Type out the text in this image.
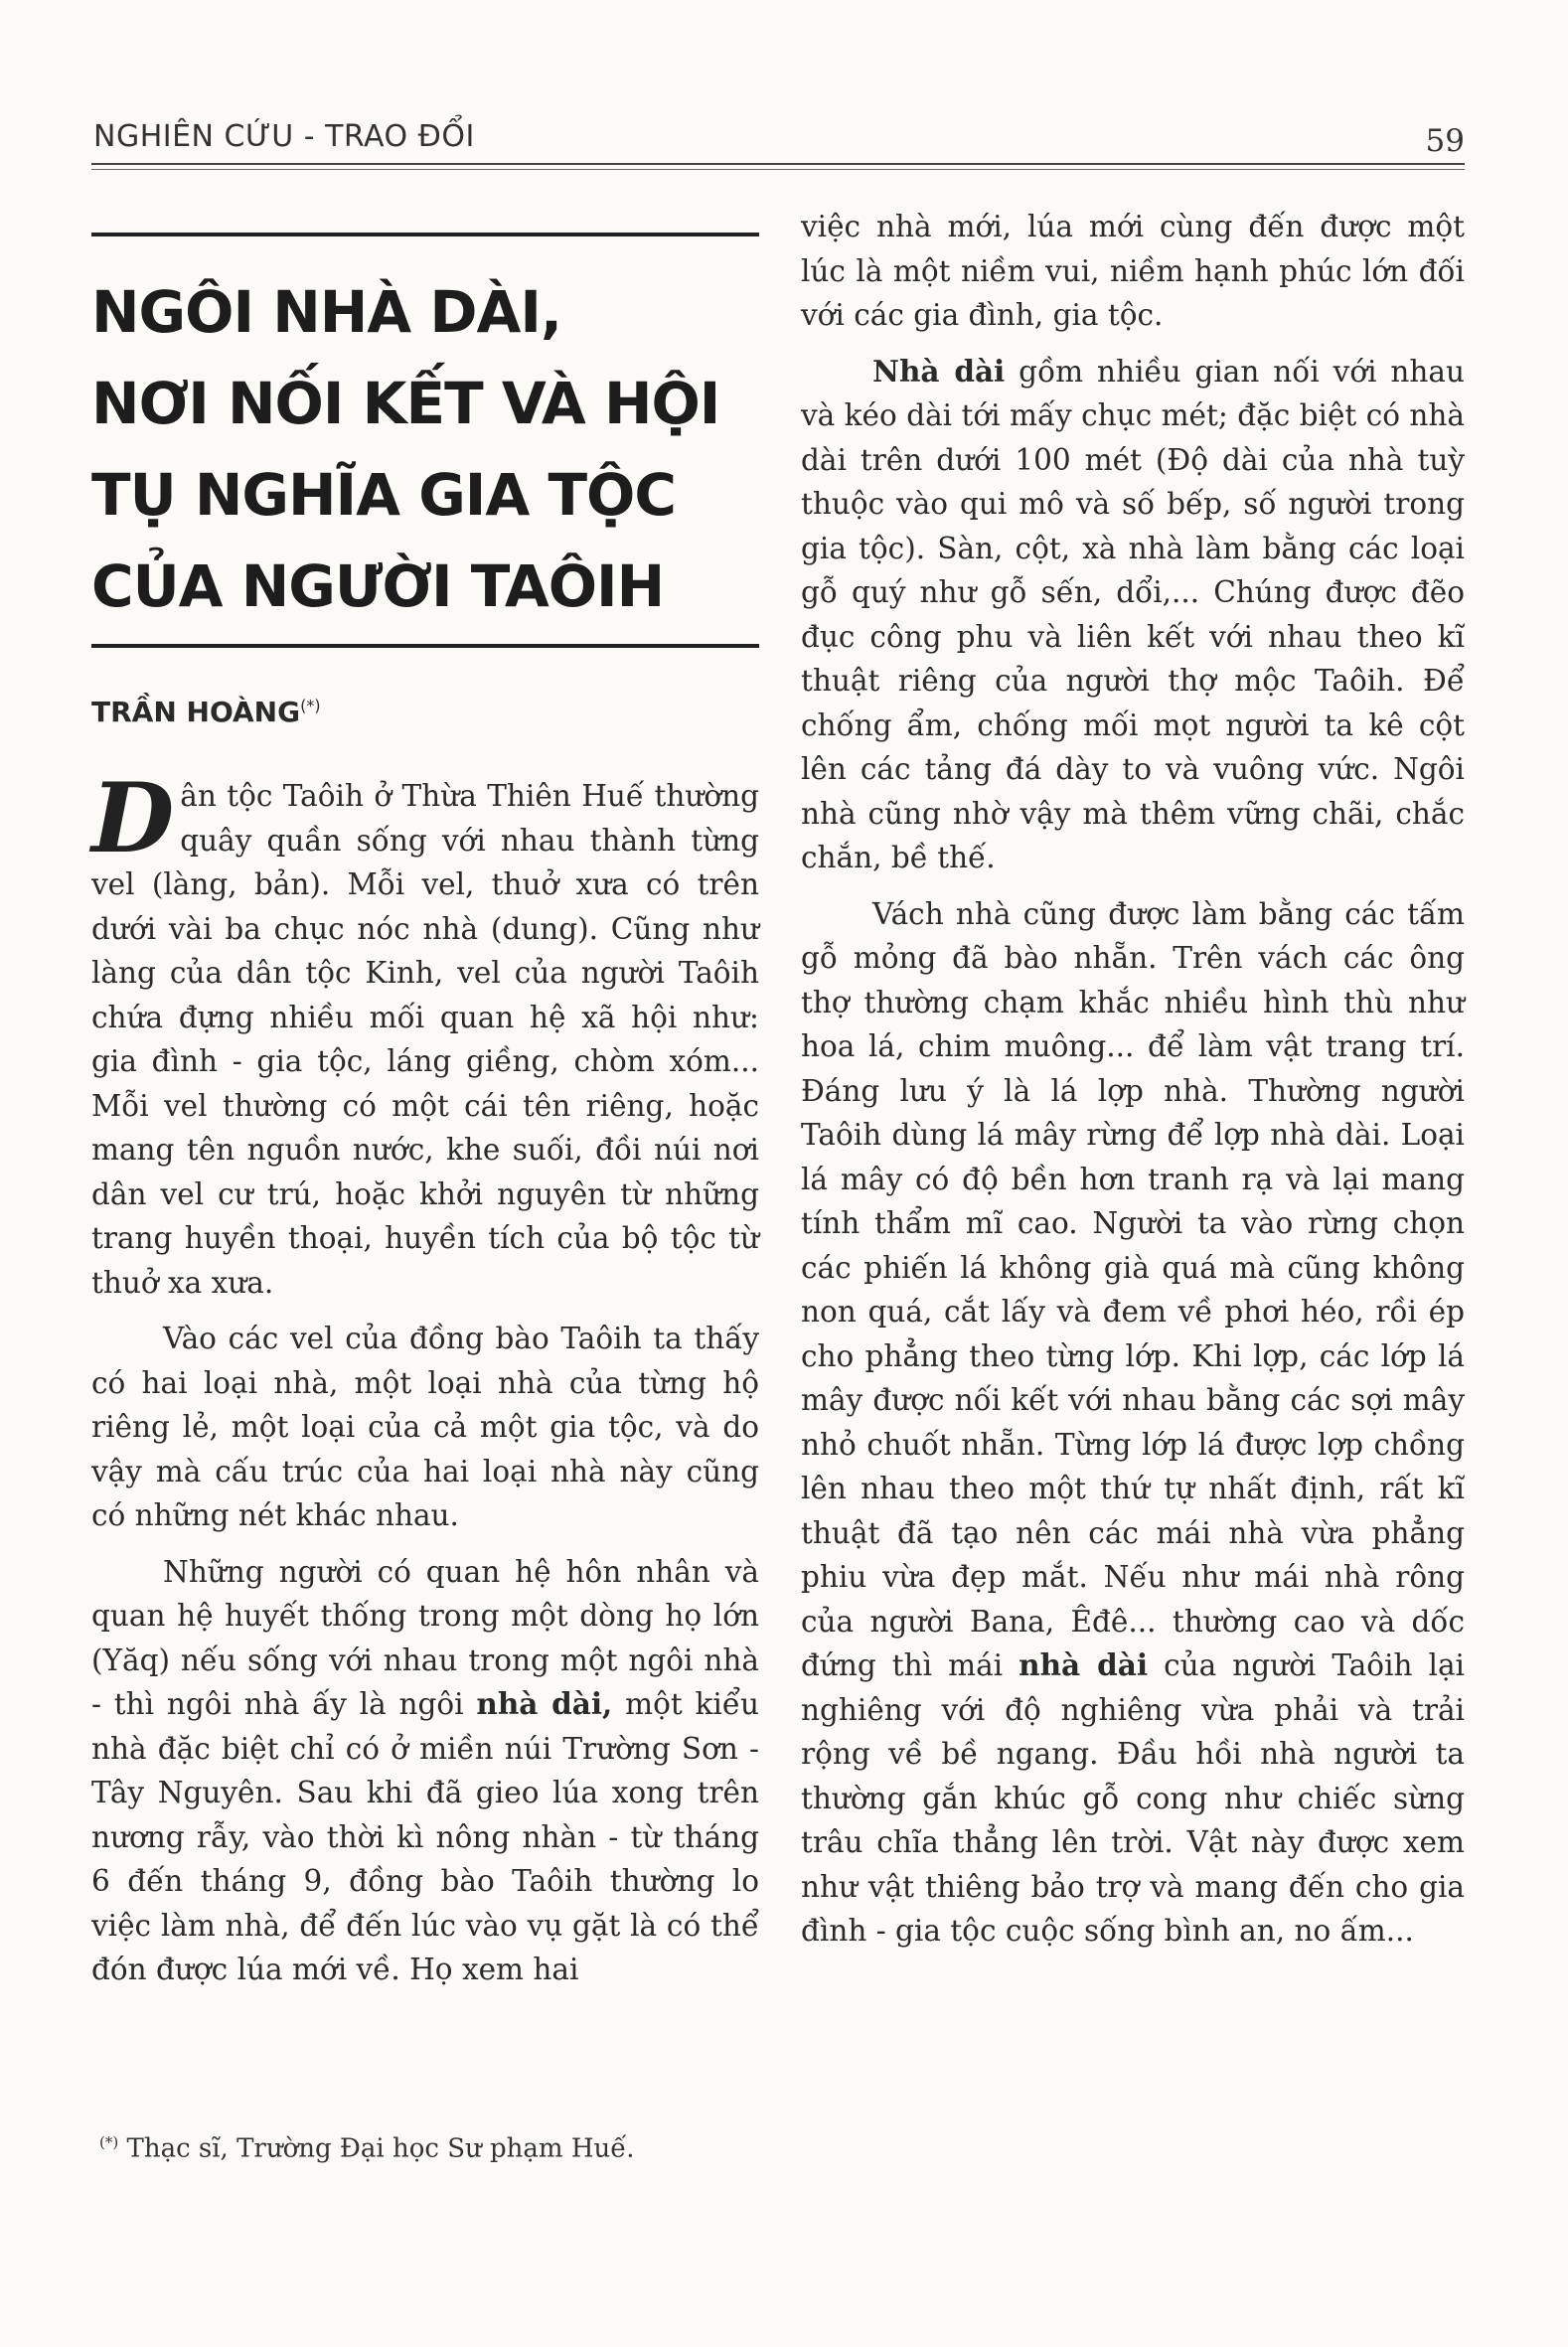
NGHIÊN CỨU - TRAO ĐỔI	59
NGÔI NHÀ DÀI,
NƠI NỐI KẾT VÀ HỘI
TỤ NGHĨA GIA TỘC
CỦA NGƯỜI TAÔIH
TRẦN HOÀNG(*)

Dân tộc Taôih ở Thừa Thiên Huế thường quây quần sống với nhau thành từng vel (làng, bản). Mỗi vel, thuở xưa có trên dưới vài ba chục nóc nhà (dung). Cũng như làng của dân tộc Kinh, vel của người Taôih chứa đựng nhiều mối quan hệ xã hội như: gia đình - gia tộc, láng giềng, chòm xóm... Mỗi vel thường có một cái tên riêng, hoặc mang tên nguồn nước, khe suối, đồi núi nơi dân vel cư trú, hoặc khởi nguyên từ những trang huyền thoại, huyền tích của bộ tộc từ thuở xa xưa.

Vào các vel của đồng bào Taôih ta thấy có hai loại nhà, một loại nhà của từng hộ riêng lẻ, một loại của cả một gia tộc, và do vậy mà cấu trúc của hai loại nhà này cũng có những nét khác nhau.

Những người có quan hệ hôn nhân và quan hệ huyết thống trong một dòng họ lớn (Yăq) nếu sống với nhau trong một ngôi nhà - thì ngôi nhà ấy là ngôi nhà dài, một kiểu nhà đặc biệt chỉ có ở miền núi Trường Sơn - Tây Nguyên. Sau khi đã gieo lúa xong trên nương rẫy, vào thời kì nông nhàn - từ tháng 6 đến tháng 9, đồng bào Taôih thường lo việc làm nhà, để đến lúc vào vụ gặt là có thể đón được lúa mới về. Họ xem hai

việc nhà mới, lúa mới cùng đến được một lúc là một niềm vui, niềm hạnh phúc lớn đối với các gia đình, gia tộc.

Nhà dài gồm nhiều gian nối với nhau và kéo dài tới mấy chục mét; đặc biệt có nhà dài trên dưới 100 mét (Độ dài của nhà tuỳ thuộc vào qui mô và số bếp, số người trong gia tộc). Sàn, cột, xà nhà làm bằng các loại gỗ quý như gỗ sến, dổi,... Chúng được đẽo đục công phu và liên kết với nhau theo kĩ thuật riêng của người thợ mộc Taôih. Để chống ẩm, chống mối mọt người ta kê cột lên các tảng đá dày to và vuông vức. Ngôi nhà cũng nhờ vậy mà thêm vững chãi, chắc chắn, bề thế.

Vách nhà cũng được làm bằng các tấm gỗ mỏng đã bào nhẵn. Trên vách các ông thợ thường chạm khắc nhiều hình thù như hoa lá, chim muông... để làm vật trang trí. Đáng lưu ý là lá lợp nhà. Thường người Taôih dùng lá mây rừng để lợp nhà dài. Loại lá mây có độ bền hơn tranh rạ và lại mang tính thẩm mĩ cao. Người ta vào rừng chọn các phiến lá không già quá mà cũng không non quá, cắt lấy và đem về phơi héo, rồi ép cho phẳng theo từng lớp. Khi lợp, các lớp lá mây được nối kết với nhau bằng các sợi mây nhỏ chuốt nhẵn. Từng lớp lá được lợp chồng lên nhau theo một thứ tự nhất định, rất kĩ thuật đã tạo nên các mái nhà vừa phẳng phiu vừa đẹp mắt. Nếu như mái nhà rông của người Bana, Êđê... thường cao và dốc đứng thì mái nhà dài của người Taôih lại nghiêng với độ nghiêng vừa phải và trải rộng về bề ngang. Đầu hồi nhà người ta thường gắn khúc gỗ cong như chiếc sừng trâu chĩa thẳng lên trời. Vật này được xem như vật thiêng bảo trợ và mang đến cho gia đình - gia tộc cuộc sống bình an, no ấm...

(*) Thạc sĩ, Trường Đại học Sư phạm Huế.
